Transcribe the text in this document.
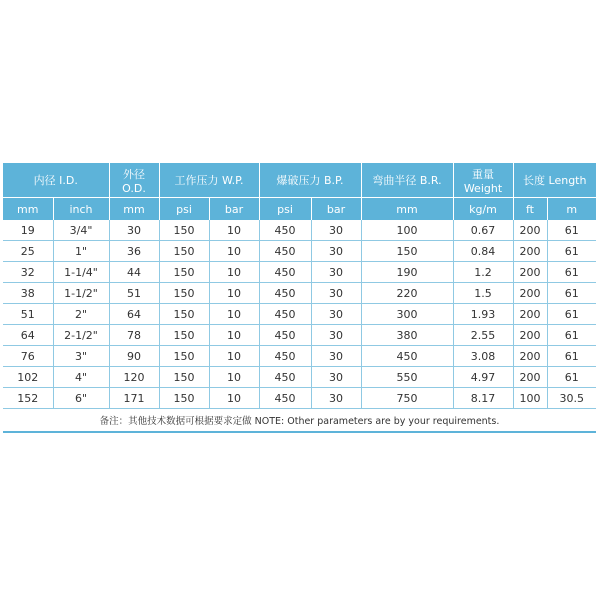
内径 I.D.		外径 O.D.	工作压力 W.P.		爆破压力 B.P.		弯曲半径 B.R.	重量 Weight	长度 Length	
mm	inch	mm	psi	bar	psi	bar	mm	kg/m	ft	m
19	3/4"	30	150	10	450	30	100	0.67	200	61
25	1"	36	150	10	450	30	150	0.84	200	61
32	1-1/4"	44	150	10	450	30	190	1.2	200	61
38	1-1/2"	51	150	10	450	30	220	1.5	200	61
51	2"	64	150	10	450	30	300	1.93	200	61
64	2-1/2"	78	150	10	450	30	380	2.55	200	61
76	3"	90	150	10	450	30	450	3.08	200	61
102	4"	120	150	10	450	30	550	4.97	200	61
152	6"	171	150	10	450	30	750	8.17	100	30.5
备注：其他技术数据可根据要求定做 NOTE: Other parameters are by your requirements.										
